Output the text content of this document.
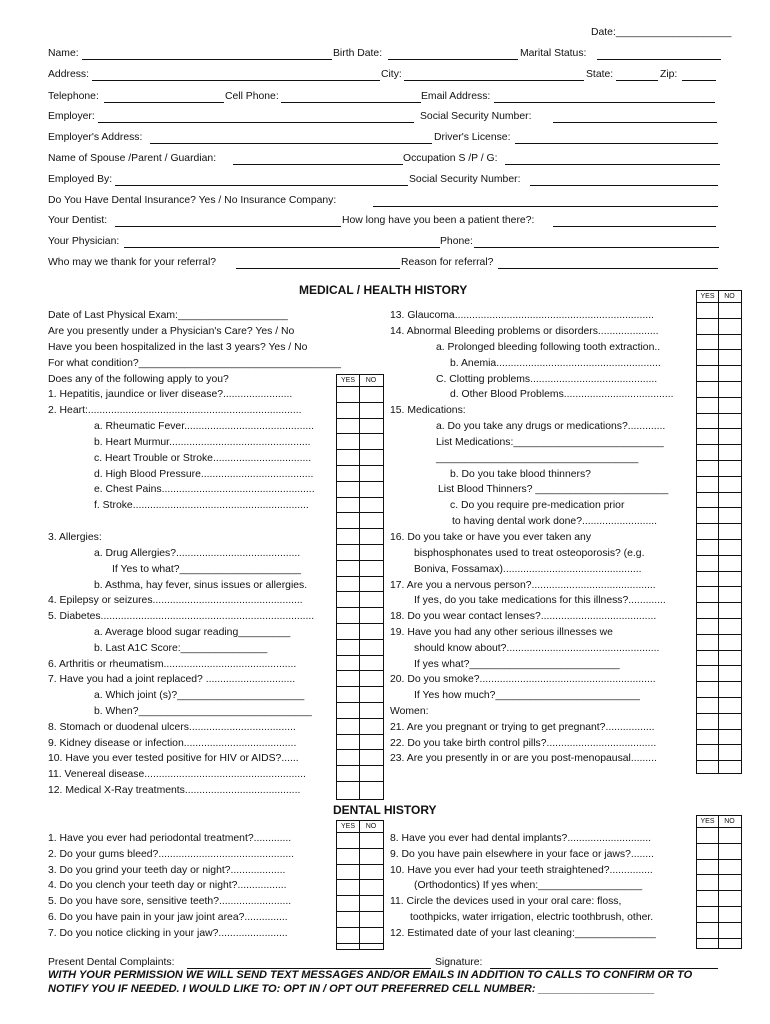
Date:____________________
Name:	Birth Date:	Marital Status:
Address:	City:	State:	Zip:
Telephone:	Cell Phone:	Email Address:
Employer:	Social Security Number:
Employer's Address:	Driver's License:
Name of Spouse /Parent / Guardian:	Occupation S /P / G:
Employed By:	Social Security Number:
Do You Have Dental Insurance? Yes / No Insurance Company:
Your Dentist:	How long have you been a patient there?:
Your Physician:	Phone:
Who may we thank for your referral?	Reason for referral?
MEDICAL / HEALTH HISTORY
Date of Last Physical Exam:___________________
Are you presently under a Physician's Care? Yes / No
Have you been hospitalized in the last 3 years? Yes / No
For what condition?___________________________________
Does any of the following apply to you?
1. Hepatitis, jaundice or liver disease?........................
2. Heart:..........................................................................
a. Rheumatic Fever.............................................
b. Heart Murmur.................................................
c. Heart Trouble or Stroke..................................
d. High Blood Pressure.......................................
e. Chest Pains.....................................................
f. Stroke.............................................................
3. Allergies:
a. Drug Allergies?...........................................
If Yes to what?_____________________
b. Asthma, hay fever, sinus issues or allergies.
4. Epilepsy or seizures....................................................
5. Diabetes..........................................................................
a. Average blood sugar reading_________
b. Last A1C Score:_______________
6. Arthritis or rheumatism..............................................
7. Have you had a joint replaced? ...............................
a. Which joint (s)?______________________
b. When?______________________________
8. Stomach or duodenal ulcers.....................................
9. Kidney disease or infection.......................................
10. Have you ever tested positive for HIV or AIDS?......
11. Venereal disease........................................................
12. Medical X-Ray treatments........................................
13. Glaucoma.....................................................................
14. Abnormal Bleeding problems or disorders.....................
a. Prolonged bleeding following tooth extraction..
b. Anemia.........................................................
C. Clotting problems............................................
d. Other Blood Problems......................................
15. Medications:
a. Do you take any drugs or medications?.............
List Medications:__________________________
___________________________________
b. Do you take blood thinners?
List Blood Thinners? _______________________
c. Do you require pre-medication prior
to having dental work done?..........................
16. Do you take or have you ever taken any
bisphosphonates used to treat osteoporosis? (e.g.
Boniva, Fossamax)................................................
17. Are you a nervous person?...........................................
If yes, do you take medications for this illness?.............
18. Do you wear contact lenses?........................................
19. Have you had any other serious illnesses we
should know about?.....................................................
If yes what?__________________________
20. Do you smoke?.............................................................
If Yes how much?_________________________
Women:
21. Are you pregnant or trying to get pregnant?.................
22. Do you take birth control pills?......................................
23. Are you presently in or are you post-menopausal.........
YES	NO
YES	NO
DENTAL HISTORY
YES	NO
YES	NO
1. Have you ever had periodontal treatment?.............
2. Do your gums bleed?...............................................
3. Do you grind your teeth day or night?...................
4. Do you clench your teeth day or night?.................
5. Do you have sore, sensitive teeth?.........................
6. Do you have pain in your jaw joint area?...............
7. Do you notice clicking in your jaw?........................
8. Have you ever had dental implants?.............................
9. Do you have pain elsewhere in your face or jaws?........
10. Have you ever had your teeth straightened?...............
(Orthodontics) If yes when:__________________
11. Circle the devices used in your oral care: floss,
toothpicks, water irrigation, electric toothbrush, other.
12. Estimated date of your last cleaning:______________
Present Dental Complaints:	Signature:
WITH YOUR PERMISSION WE WILL SEND TEXT MESSAGES AND/OR EMAILS IN ADDITION TO CALLS TO CONFIRM OR TO
NOTIFY YOU IF NEEDED. I WOULD LIKE TO: OPT IN / OPT OUT PREFERRED CELL NUMBER: ___________________
